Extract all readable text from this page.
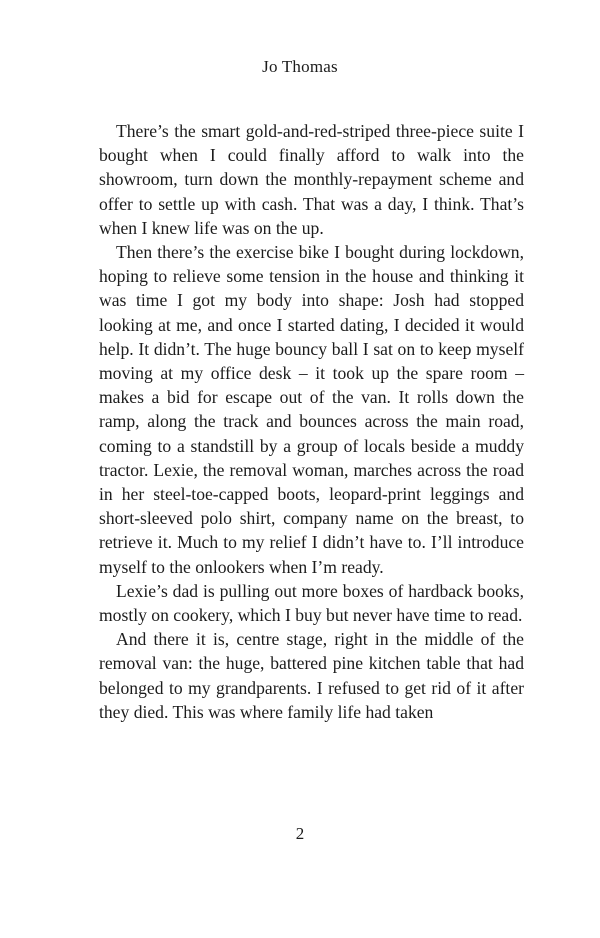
Jo Thomas

There’s the smart gold-and-red-striped three-piece suite I bought when I could finally afford to walk into the showroom, turn down the monthly-repayment scheme and offer to settle up with cash. That was a day, I think. That’s when I knew life was on the up.

Then there’s the exercise bike I bought during lockdown, hoping to relieve some tension in the house and thinking it was time I got my body into shape: Josh had stopped looking at me, and once I started dating, I decided it would help. It didn’t. The huge bouncy ball I sat on to keep myself moving at my office desk – it took up the spare room – makes a bid for escape out of the van. It rolls down the ramp, along the track and bounces across the main road, coming to a standstill by a group of locals beside a muddy tractor. Lexie, the removal woman, marches across the road in her steel-toe-capped boots, leopard-print leggings and short-sleeved polo shirt, company name on the breast, to retrieve it. Much to my relief I didn’t have to. I’ll introduce myself to the onlookers when I’m ready.

Lexie’s dad is pulling out more boxes of hardback books, mostly on cookery, which I buy but never have time to read.

And there it is, centre stage, right in the middle of the removal van: the huge, battered pine kitchen table that had belonged to my grandparents. I refused to get rid of it after they died. This was where family life had taken

2
